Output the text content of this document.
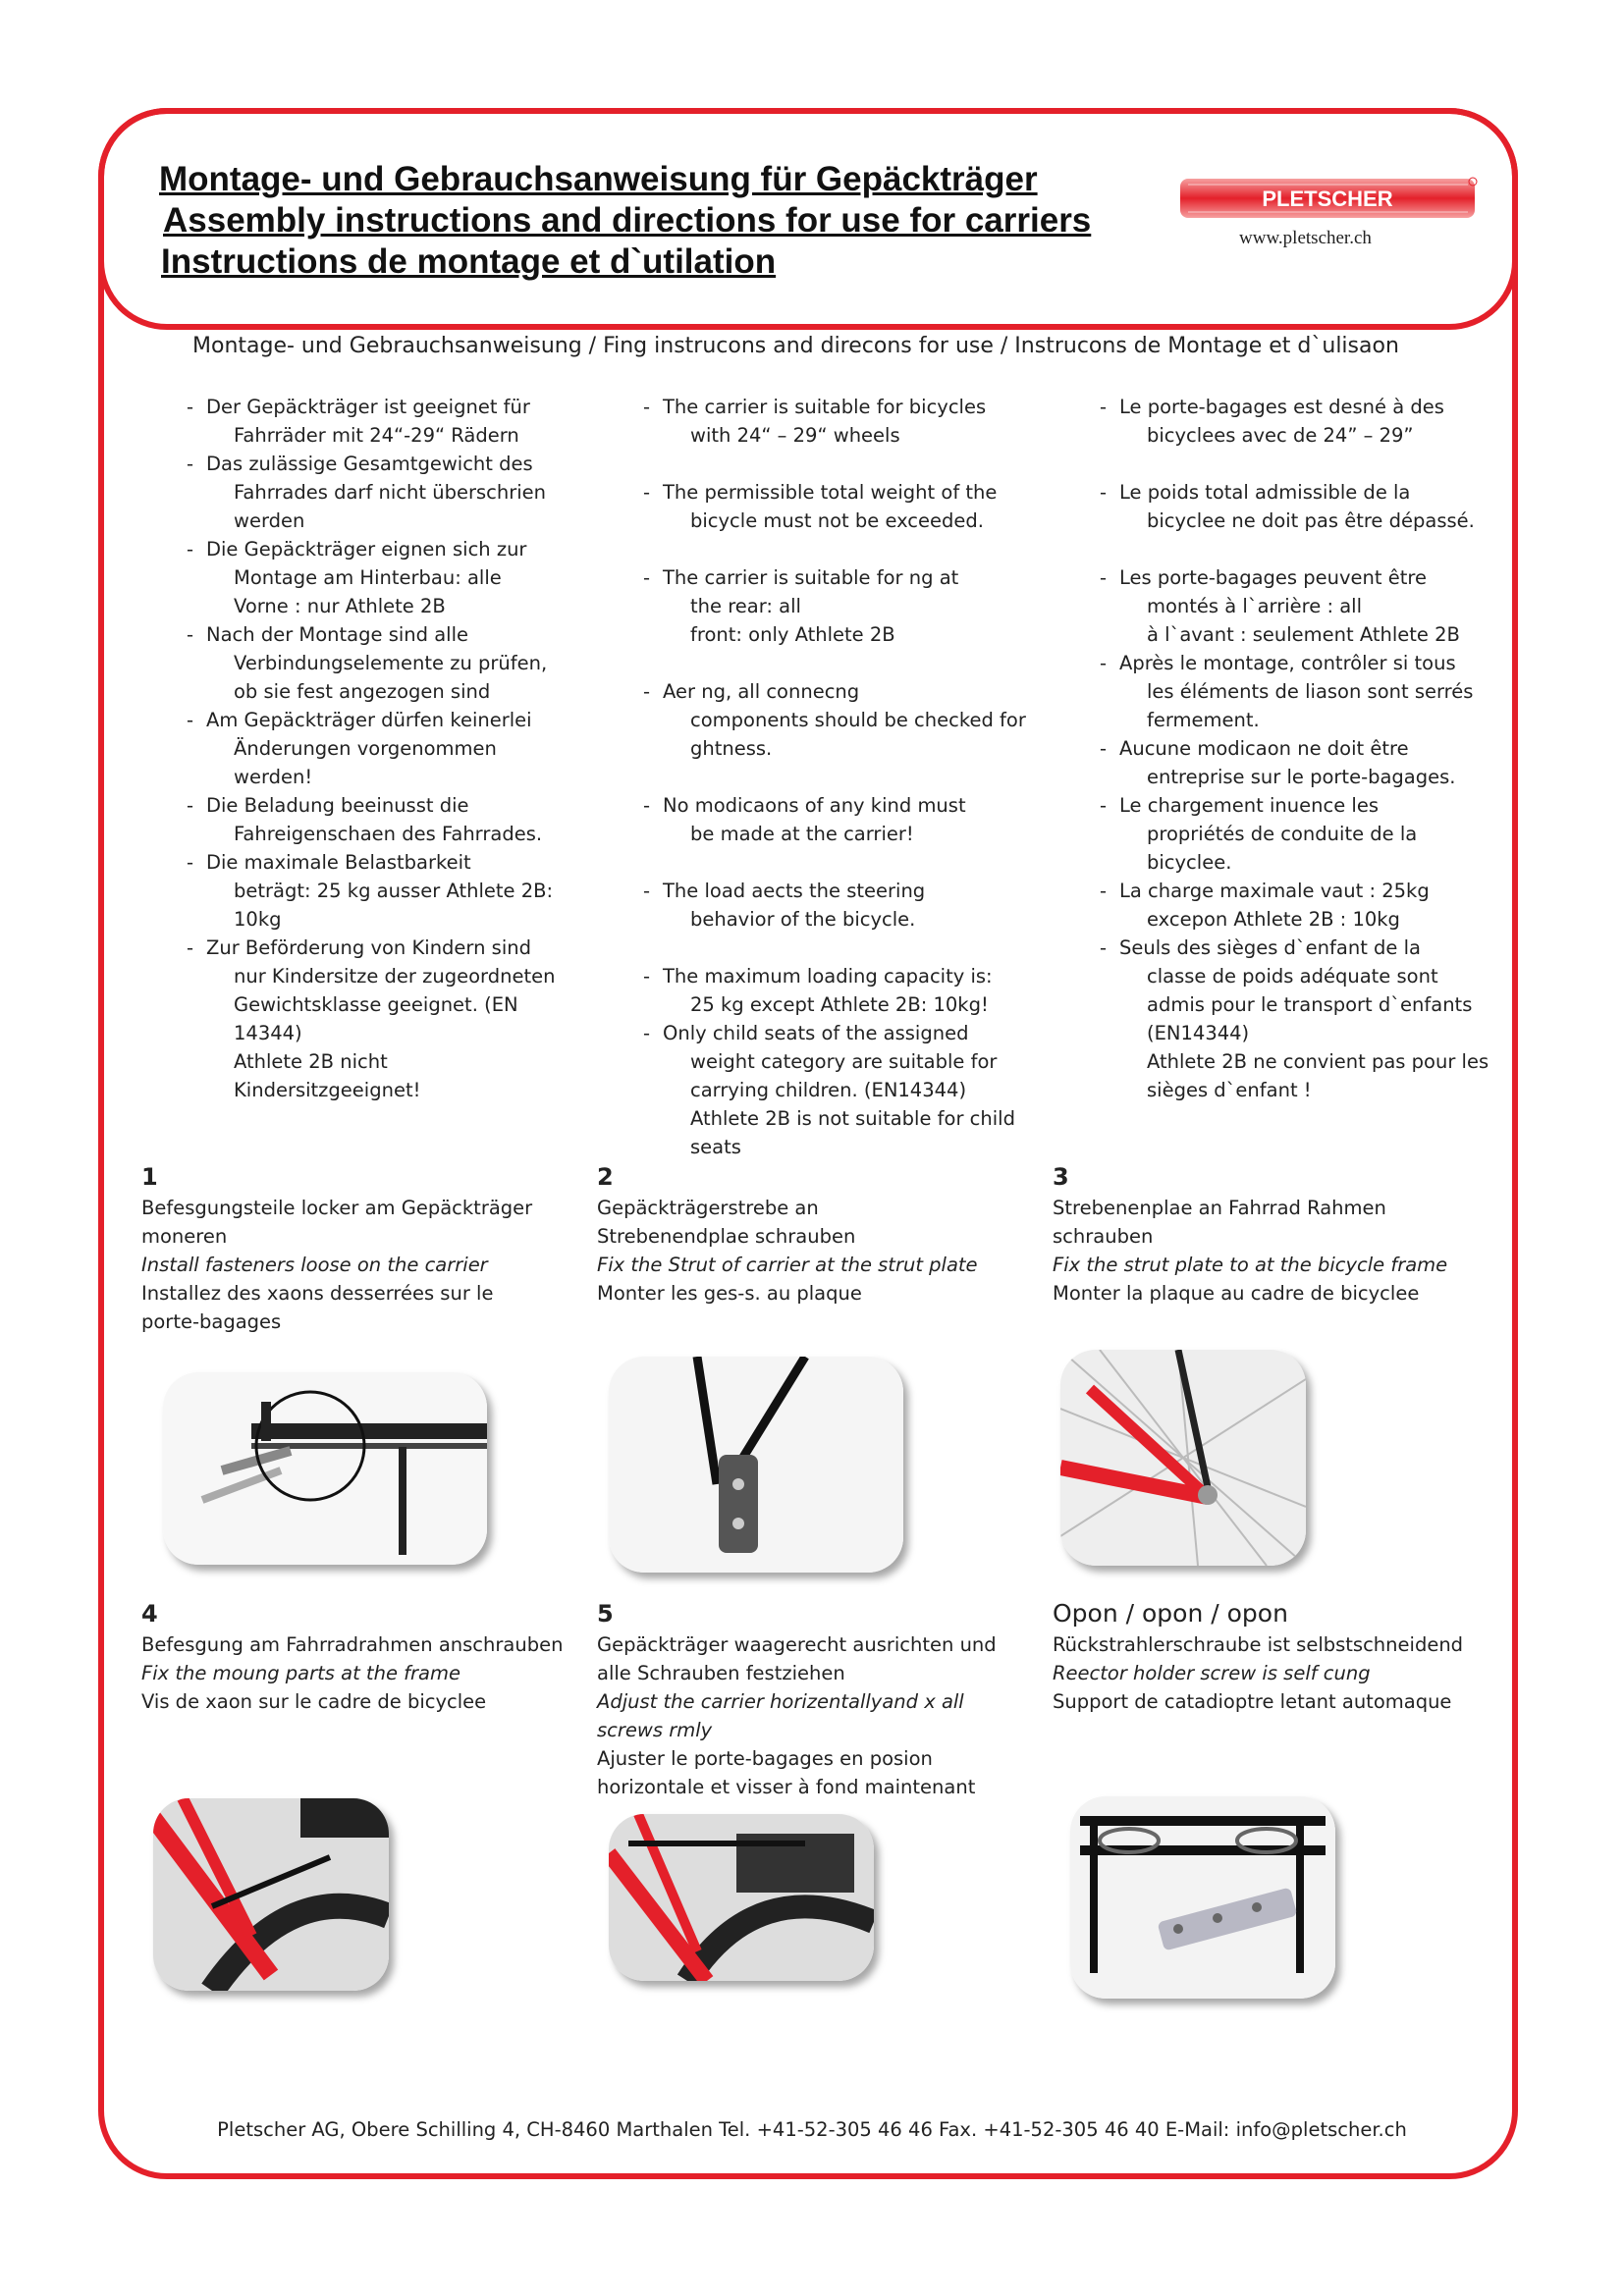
Montage- und Gebrauchsanweisung für Gepäckträger
Assembly instructions and directions for use for carriers
Instructions de montage et d`utilation
PLETSCHER
www.pletscher.ch
Montage- und Gebrauchsanweisung / Fing instrucons and direcons for use / Instrucons de Montage et d`ulisaon
- Der Gepäckträger ist geeignet für
Fahrräder mit 24“-29“ Rädern
- Das zulässige Gesamtgewicht des
Fahrrades darf nicht überschrien
werden
- Die Gepäckträger eignen sich zur
Montage am Hinterbau: alle
Vorne : nur Athlete 2B
- Nach der Montage sind alle
Verbindungselemente zu prüfen,
ob sie fest angezogen sind
- Am Gepäckträger dürfen keinerlei
Änderungen vorgenommen
werden!
- Die Beladung beeinusst die
Fahreigenschaen des Fahrrades.
- Die maximale Belastbarkeit
beträgt: 25 kg ausser Athlete 2B:
10kg
- Zur Beförderung von Kindern sind
nur Kindersitze der zugeordneten
Gewichtsklasse geeignet. (EN
14344)
Athlete 2B nicht
Kindersitzgeeignet!
- The carrier is suitable for bicycles
with 24“ – 29“ wheels
- The permissible total weight of the
bicycle must not be exceeded.
- The carrier is suitable for ng at
the rear: all
front: only Athlete 2B
- Aer ng, all connecng
components should be checked for
ghtness.
- No modicaons of any kind must
be made at the carrier!
- The load aects the steering
behavior of the bicycle.
- The maximum loading capacity is:
25 kg except Athlete 2B: 10kg!
- Only child seats of the assigned
weight category are suitable for
carrying children. (EN14344)
Athlete 2B is not suitable for child
seats
- Le porte-bagages est desné à des
bicyclees avec de 24” – 29”
- Le poids total admissible de la
bicyclee ne doit pas être dépassé.
- Les porte-bagages peuvent être
montés à l`arrière : all
à l`avant : seulement Athlete 2B
- Après le montage, contrôler si tous
les éléments de liason sont serrés
fermement.
- Aucune modicaon ne doit être
entreprise sur le porte-bagages.
- Le chargement inuence les
propriétés de conduite de la
bicyclee.
- La charge maximale vaut : 25kg
excepon Athlete 2B : 10kg
- Seuls des sièges d`enfant de la
classe de poids adéquate sont
admis pour le transport d`enfants
(EN14344)
Athlete 2B ne convient pas pour les
sièges d`enfant !
1
Befesgungsteile locker am Gepäckträger
moneren
Install fasteners loose on the carrier
Installez des xaons desserrées sur le
porte-bagages
2
Gepäckträgerstrebe an
Strebenendplae schrauben
Fix the Strut of carrier at the strut plate
Monter les ges-s. au plaque
3
Strebenenplae an Fahrrad Rahmen
schrauben
Fix the strut plate to at the bicycle frame
Monter la plaque au cadre de bicyclee
4
Befesgung am Fahrradrahmen anschrauben
Fix the moung parts at the frame
Vis de xaon sur le cadre de bicyclee
5
Gepäckträger waagerecht ausrichten und
alle Schrauben festziehen
Adjust the carrier horizentallyand x all
screws rmly
Ajuster le porte-bagages en posion
horizontale et visser à fond maintenant
Opon / opon / opon
Rückstrahlerschraube ist selbstschneidend
Reector holder screw is self cung
Support de catadioptre letant automaque
Pletscher AG, Obere Schilling 4, CH-8460 Marthalen Tel. +41-52-305 46 46 Fax. +41-52-305 46 40 E-Mail: info@pletscher.ch
